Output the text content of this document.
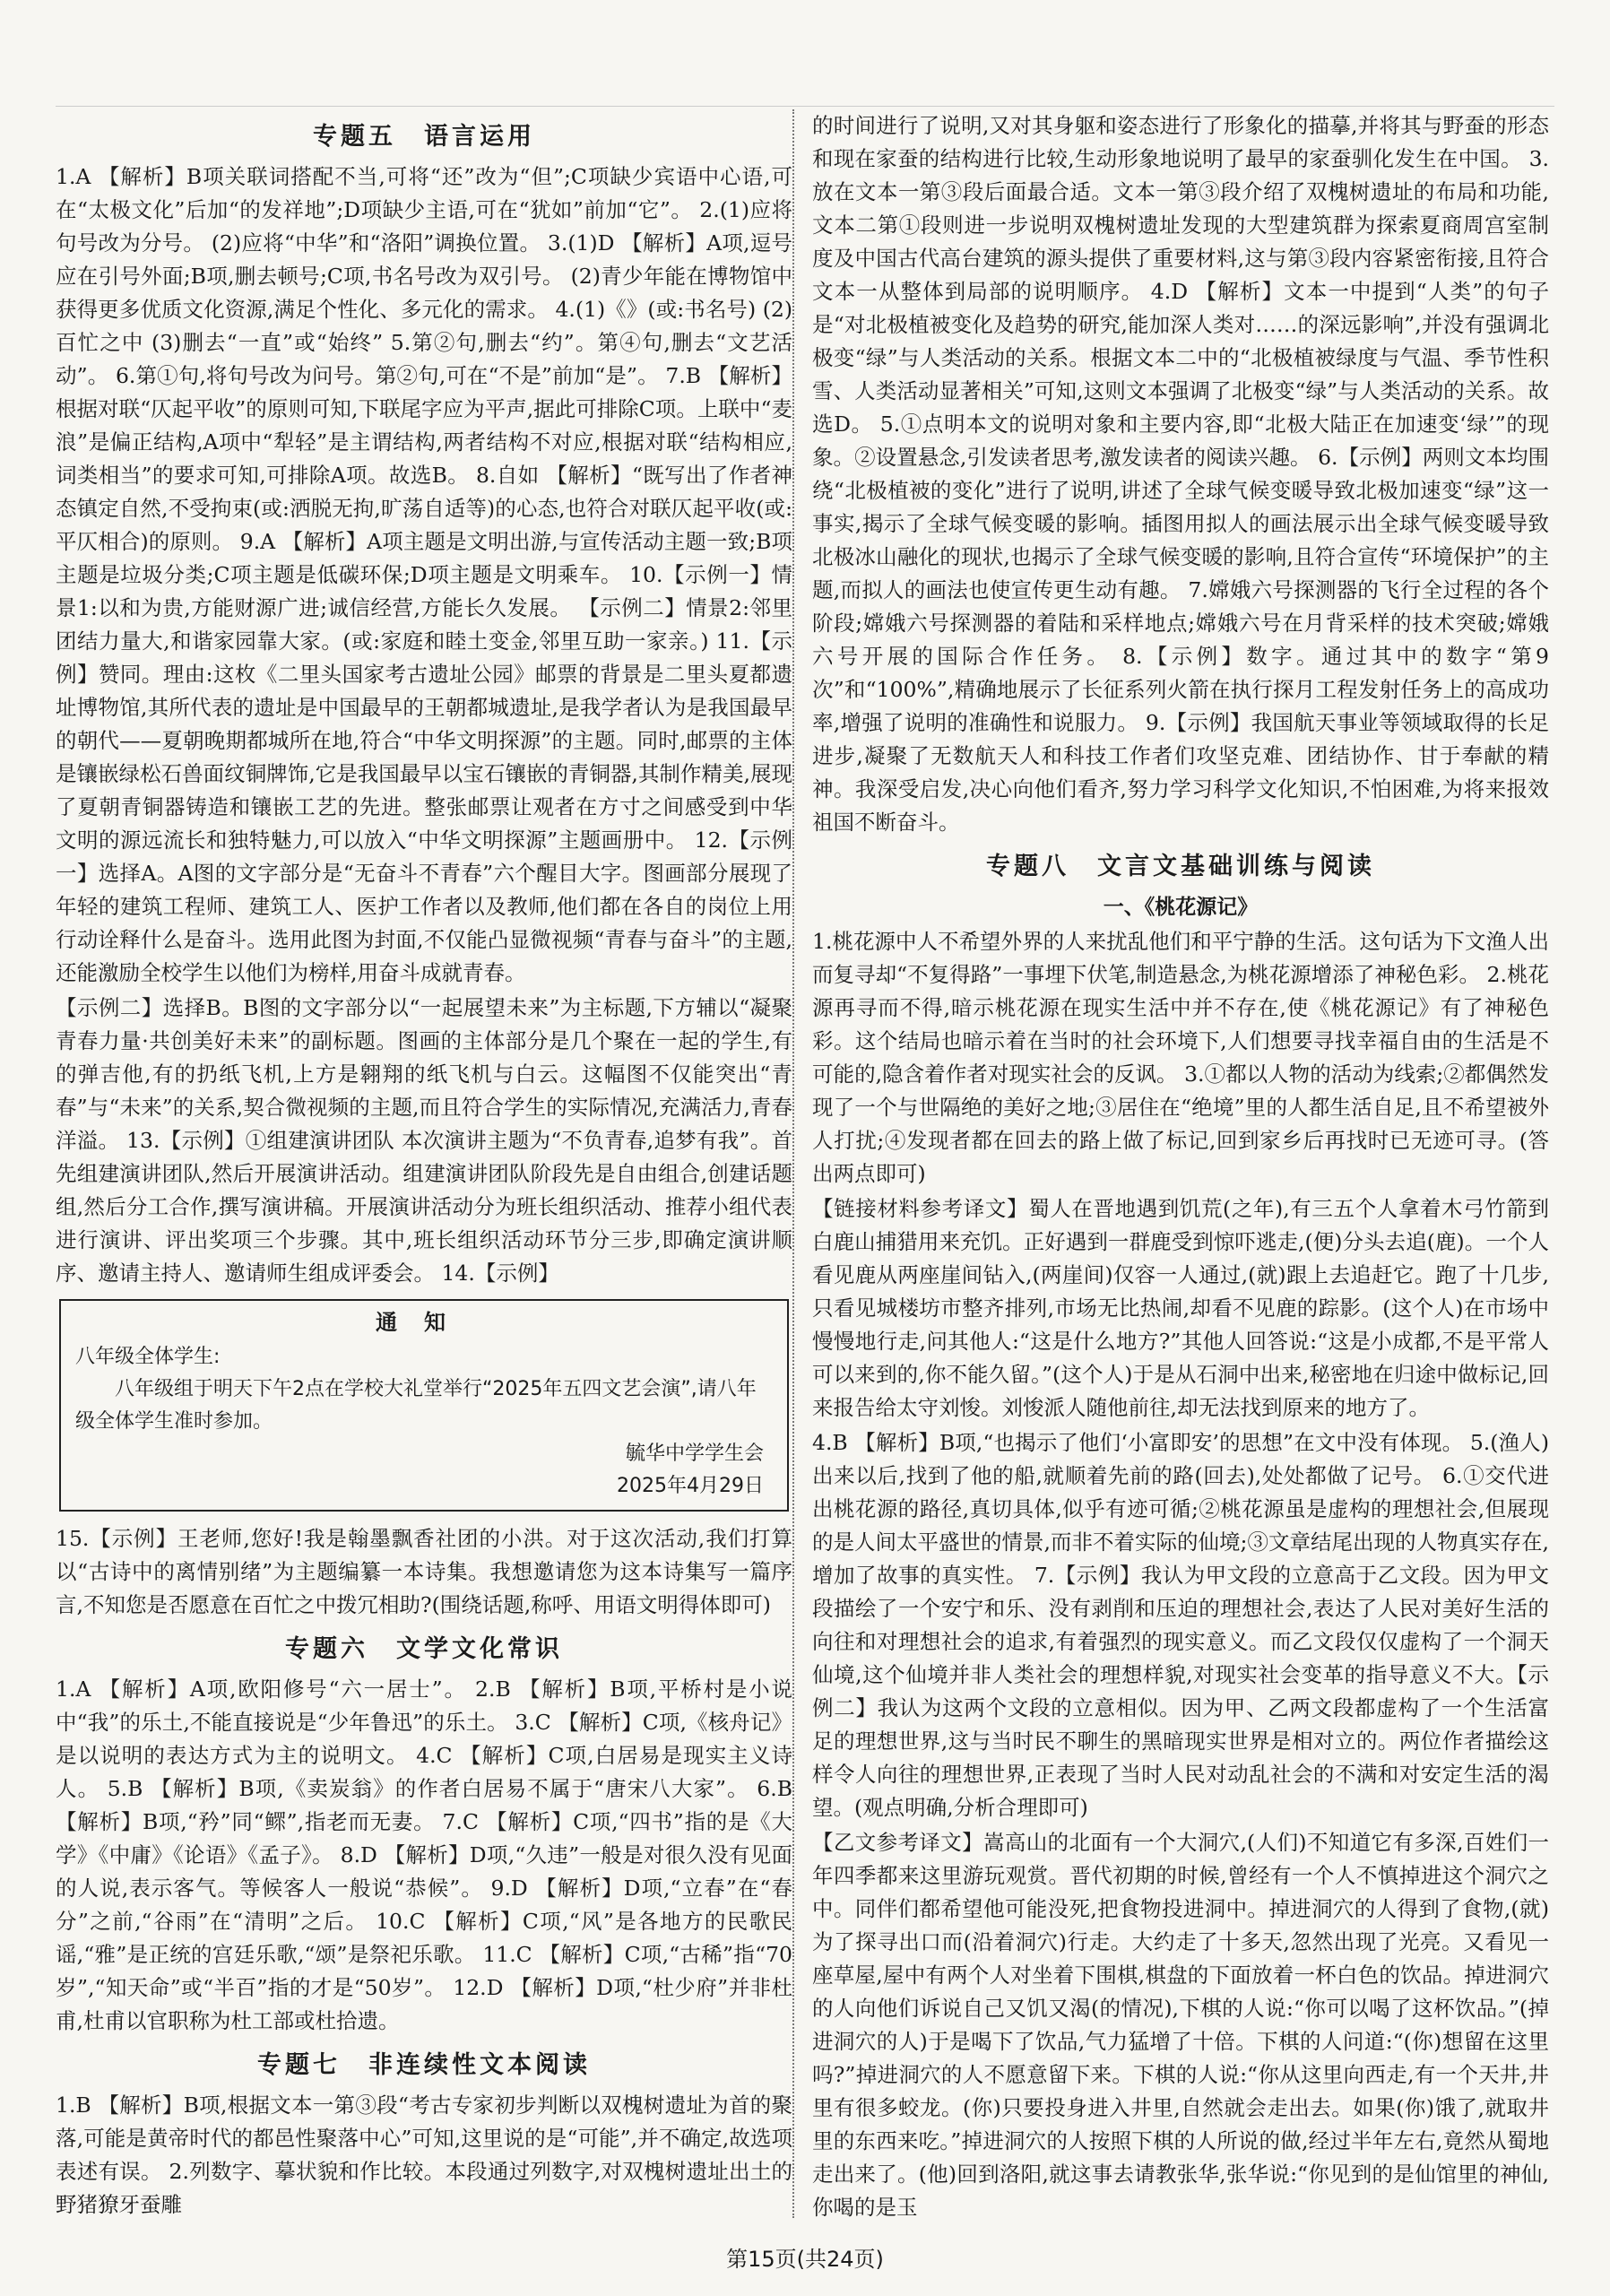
专题五　语言运用

1.A 【解析】B项关联词搭配不当,可将“还”改为“但”;C项缺少宾语中心语,可在“太极文化”后加“的发祥地”;D项缺少主语,可在“犹如”前加“它”。 2.(1)应将句号改为分号。 (2)应将“中华”和“洛阳”调换位置。 3.(1)D 【解析】A项,逗号应在引号外面;B项,删去顿号;C项,书名号改为双引号。 (2)青少年能在博物馆中获得更多优质文化资源,满足个性化、多元化的需求。 4.(1)《》(或:书名号) (2)百忙之中 (3)删去“一直”或“始终” 5.第②句,删去“约”。第④句,删去“文艺活动”。 6.第①句,将句号改为问号。第②句,可在“不是”前加“是”。 7.B 【解析】根据对联“仄起平收”的原则可知,下联尾字应为平声,据此可排除C项。上联中“麦浪”是偏正结构,A项中“犁轻”是主谓结构,两者结构不对应,根据对联“结构相应,词类相当”的要求可知,可排除A项。故选B。 8.自如 【解析】“既写出了作者神态镇定自然,不受拘束(或:洒脱无拘,旷荡自适等)的心态,也符合对联仄起平收(或:平仄相合)的原则。 9.A 【解析】A项主题是文明出游,与宣传活动主题一致;B项主题是垃圾分类;C项主题是低碳环保;D项主题是文明乘车。 10.【示例一】情景1:以和为贵,方能财源广进;诚信经营,方能长久发展。 【示例二】情景2:邻里团结力量大,和谐家园靠大家。(或:家庭和睦土变金,邻里互助一家亲。) 11.【示例】赞同。理由:这枚《二里头国家考古遗址公园》邮票的背景是二里头夏都遗址博物馆,其所代表的遗址是中国最早的王朝都城遗址,是我学者认为是我国最早的朝代——夏朝晚期都城所在地,符合“中华文明探源”的主题。同时,邮票的主体是镶嵌绿松石兽面纹铜牌饰,它是我国最早以宝石镶嵌的青铜器,其制作精美,展现了夏朝青铜器铸造和镶嵌工艺的先进。整张邮票让观者在方寸之间感受到中华文明的源远流长和独特魅力,可以放入“中华文明探源”主题画册中。 12.【示例一】选择A。A图的文字部分是“无奋斗不青春”六个醒目大字。图画部分展现了年轻的建筑工程师、建筑工人、医护工作者以及教师,他们都在各自的岗位上用行动诠释什么是奋斗。选用此图为封面,不仅能凸显微视频“青春与奋斗”的主题,还能激励全校学生以他们为榜样,用奋斗成就青春。

【示例二】选择B。B图的文字部分以“一起展望未来”为主标题,下方辅以“凝聚青春力量·共创美好未来”的副标题。图画的主体部分是几个聚在一起的学生,有的弹吉他,有的扔纸飞机,上方是翱翔的纸飞机与白云。这幅图不仅能突出“青春”与“未来”的关系,契合微视频的主题,而且符合学生的实际情况,充满活力,青春洋溢。 13.【示例】①组建演讲团队 本次演讲主题为“不负青春,追梦有我”。首先组建演讲团队,然后开展演讲活动。组建演讲团队阶段先是自由组合,创建话题组,然后分工合作,撰写演讲稿。开展演讲活动分为班长组织活动、推荐小组代表进行演讲、评出奖项三个步骤。其中,班长组织活动环节分三步,即确定演讲顺序、邀请主持人、邀请师生组成评委会。 14.【示例】

通知
八年级全体学生:
八年级组于明天下午2点在学校大礼堂举行“2025年五四文艺会演”,请八年级全体学生准时参加。
毓华中学学生会
2025年4月29日

15.【示例】王老师,您好!我是翰墨飘香社团的小洪。对于这次活动,我们打算以“古诗中的离情别绪”为主题编纂一本诗集。我想邀请您为这本诗集写一篇序言,不知您是否愿意在百忙之中拨冗相助?(围绕话题,称呼、用语文明得体即可)

专题六　文学文化常识

1.A 【解析】A项,欧阳修号“六一居士”。 2.B 【解析】B项,平桥村是小说中“我”的乐土,不能直接说是“少年鲁迅”的乐土。 3.C 【解析】C项,《核舟记》是以说明的表达方式为主的说明文。 4.C 【解析】C项,白居易是现实主义诗人。 5.B 【解析】B项,《卖炭翁》的作者白居易不属于“唐宋八大家”。 6.B 【解析】B项,“矜”同“鳏”,指老而无妻。 7.C 【解析】C项,“四书”指的是《大学》《中庸》《论语》《孟子》。 8.D 【解析】D项,“久违”一般是对很久没有见面的人说,表示客气。等候客人一般说“恭候”。 9.D 【解析】D项,“立春”在“春分”之前,“谷雨”在“清明”之后。 10.C 【解析】C项,“风”是各地方的民歌民谣,“雅”是正统的宫廷乐歌,“颂”是祭祀乐歌。 11.C 【解析】C项,“古稀”指“70岁”,“知天命”或“半百”指的才是“50岁”。 12.D 【解析】D项,“杜少府”并非杜甫,杜甫以官职称为杜工部或杜拾遗。

专题七　非连续性文本阅读

1.B 【解析】B项,根据文本一第③段“考古专家初步判断以双槐树遗址为首的聚落,可能是黄帝时代的都邑性聚落中心”可知,这里说的是“可能”,并不确定,故选项表述有误。 2.列数字、摹状貌和作比较。本段通过列数字,对双槐树遗址出土的野猪獠牙蚕雕

的时间进行了说明,又对其身躯和姿态进行了形象化的描摹,并将其与野蚕的形态和现在家蚕的结构进行比较,生动形象地说明了最早的家蚕驯化发生在中国。 3.放在文本一第③段后面最合适。文本一第③段介绍了双槐树遗址的布局和功能,文本二第①段则进一步说明双槐树遗址发现的大型建筑群为探索夏商周宫室制度及中国古代高台建筑的源头提供了重要材料,这与第③段内容紧密衔接,且符合文本一从整体到局部的说明顺序。 4.D 【解析】文本一中提到“人类”的句子是“对北极植被变化及趋势的研究,能加深人类对……的深远影响”,并没有强调北极变“绿”与人类活动的关系。根据文本二中的“北极植被绿度与气温、季节性积雪、人类活动显著相关”可知,这则文本强调了北极变“绿”与人类活动的关系。故选D。 5.①点明本文的说明对象和主要内容,即“北极大陆正在加速变‘绿’”的现象。②设置悬念,引发读者思考,激发读者的阅读兴趣。 6.【示例】两则文本均围绕“北极植被的变化”进行了说明,讲述了全球气候变暖导致北极加速变“绿”这一事实,揭示了全球气候变暖的影响。插图用拟人的画法展示出全球气候变暖导致北极冰山融化的现状,也揭示了全球气候变暖的影响,且符合宣传“环境保护”的主题,而拟人的画法也使宣传更生动有趣。 7.嫦娥六号探测器的飞行全过程的各个阶段;嫦娥六号探测器的着陆和采样地点;嫦娥六号在月背采样的技术突破;嫦娥六号开展的国际合作任务。 8.【示例】数字。通过其中的数字“第9次”和“100%”,精确地展示了长征系列火箭在执行探月工程发射任务上的高成功率,增强了说明的准确性和说服力。 9.【示例】我国航天事业等领域取得的长足进步,凝聚了无数航天人和科技工作者们攻坚克难、团结协作、甘于奉献的精神。我深受启发,决心向他们看齐,努力学习科学文化知识,不怕困难,为将来报效祖国不断奋斗。

专题八　文言文基础训练与阅读
一、《桃花源记》

1.桃花源中人不希望外界的人来扰乱他们和平宁静的生活。这句话为下文渔人出而复寻却“不复得路”一事埋下伏笔,制造悬念,为桃花源增添了神秘色彩。 2.桃花源再寻而不得,暗示桃花源在现实生活中并不存在,使《桃花源记》有了神秘色彩。这个结局也暗示着在当时的社会环境下,人们想要寻找幸福自由的生活是不可能的,隐含着作者对现实社会的反讽。 3.①都以人物的活动为线索;②都偶然发现了一个与世隔绝的美好之地;③居住在“绝境”里的人都生活自足,且不希望被外人打扰;④发现者都在回去的路上做了标记,回到家乡后再找时已无迹可寻。(答出两点即可)

【链接材料参考译文】蜀人在晋地遇到饥荒(之年),有三五个人拿着木弓竹箭到白鹿山捕猎用来充饥。正好遇到一群鹿受到惊吓逃走,(便)分头去追(鹿)。一个人看见鹿从两座崖间钻入,(两崖间)仅容一人通过,(就)跟上去追赶它。跑了十几步,只看见城楼坊市整齐排列,市场无比热闹,却看不见鹿的踪影。(这个人)在市场中慢慢地行走,问其他人:“这是什么地方?”其他人回答说:“这是小成都,不是平常人可以来到的,你不能久留。”(这个人)于是从石洞中出来,秘密地在归途中做标记,回来报告给太守刘悛。刘悛派人随他前往,却无法找到原来的地方了。

4.B 【解析】B项,“也揭示了他们‘小富即安’的思想”在文中没有体现。 5.(渔人)出来以后,找到了他的船,就顺着先前的路(回去),处处都做了记号。 6.①交代进出桃花源的路径,真切具体,似乎有迹可循;②桃花源虽是虚构的理想社会,但展现的是人间太平盛世的情景,而非不着实际的仙境;③文章结尾出现的人物真实存在,增加了故事的真实性。 7.【示例】我认为甲文段的立意高于乙文段。因为甲文段描绘了一个安宁和乐、没有剥削和压迫的理想社会,表达了人民对美好生活的向往和对理想社会的追求,有着强烈的现实意义。而乙文段仅仅虚构了一个洞天仙境,这个仙境并非人类社会的理想样貌,对现实社会变革的指导意义不大。【示例二】我认为这两个文段的立意相似。因为甲、乙两文段都虚构了一个生活富足的理想世界,这与当时民不聊生的黑暗现实世界是相对立的。两位作者描绘这样令人向往的理想世界,正表现了当时人民对动乱社会的不满和对安定生活的渴望。(观点明确,分析合理即可)

【乙文参考译文】嵩高山的北面有一个大洞穴,(人们)不知道它有多深,百姓们一年四季都来这里游玩观赏。晋代初期的时候,曾经有一个人不慎掉进这个洞穴之中。同伴们都希望他可能没死,把食物投进洞中。掉进洞穴的人得到了食物,(就)为了探寻出口而(沿着洞穴)行走。大约走了十多天,忽然出现了光亮。又看见一座草屋,屋中有两个人对坐着下围棋,棋盘的下面放着一杯白色的饮品。掉进洞穴的人向他们诉说自己又饥又渴(的情况),下棋的人说:“你可以喝了这杯饮品。”(掉进洞穴的人)于是喝下了饮品,气力猛增了十倍。下棋的人问道:“(你)想留在这里吗?”掉进洞穴的人不愿意留下来。下棋的人说:“你从这里向西走,有一个天井,井里有很多蛟龙。(你)只要投身进入井里,自然就会走出去。如果(你)饿了,就取井里的东西来吃。”掉进洞穴的人按照下棋的人所说的做,经过半年左右,竟然从蜀地走出来了。(他)回到洛阳,就这事去请教张华,张华说:“你见到的是仙馆里的神仙,你喝的是玉

第15页(共24页)
